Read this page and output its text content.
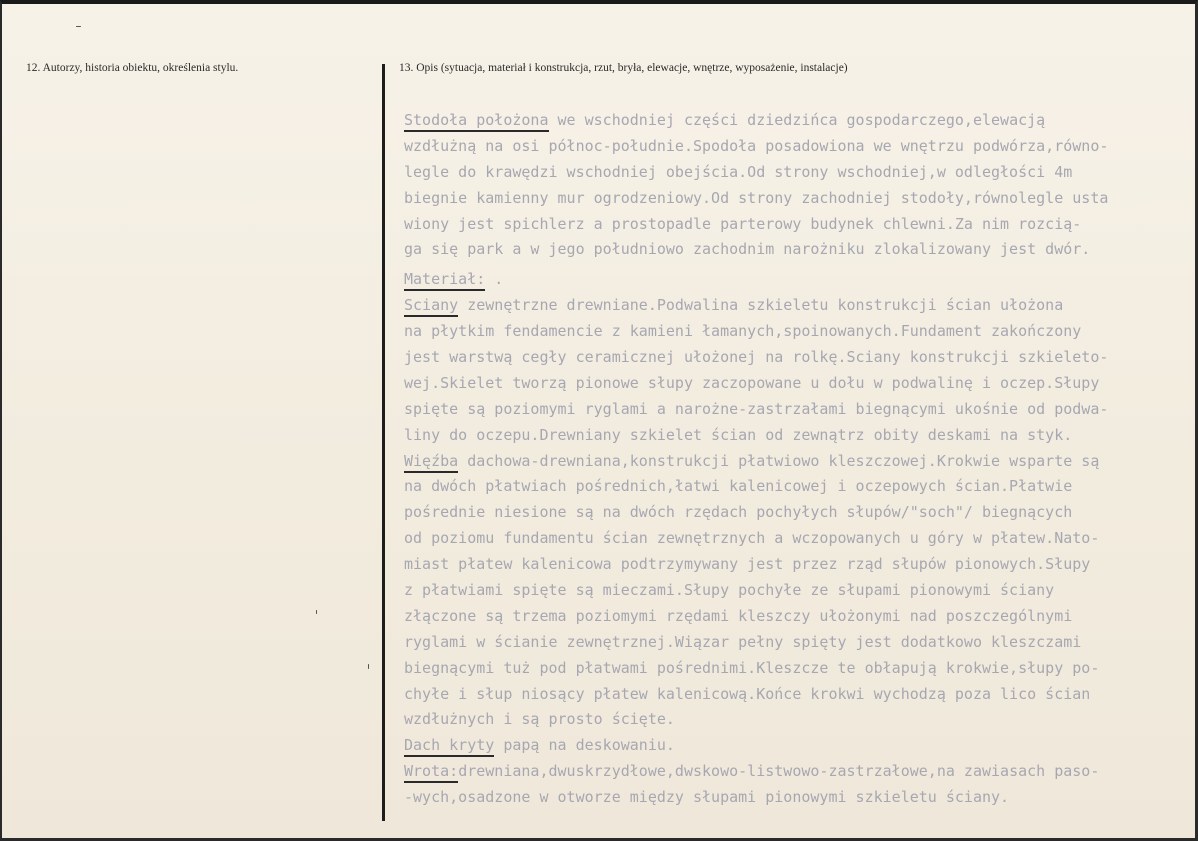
12. Autorzy, historia obiektu, określenia stylu.	13. Opis (sytuacja, materiał i konstrukcja, rzut, bryła, elewacje, wnętrze, wyposażenie, instalacje)
Stodoła położona we wschodniej części dziedzińca gospodarczego,elewacją
wzdłużną na osi północ-południe.Spodoła posadowiona we wnętrzu podwórza,równo-
legle do krawędzi wschodniej obejścia.Od strony wschodniej,w odległości 4m
biegnie kamienny mur ogrodzeniowy.Od strony zachodniej stodoły,równolegle usta
wiony jest spichlerz a prostopadle parterowy budynek chlewni.Za nim rozcią-
ga się park a w jego południowo zachodnim narożniku zlokalizowany jest dwór.
Materiał: .
Sciany zewnętrzne drewniane.Podwalina szkieletu konstrukcji ścian ułożona
na płytkim fendamencie z kamieni łamanych,spoinowanych.Fundament zakończony
jest warstwą cegły ceramicznej ułożonej na rolkę.Sciany konstrukcji szkieleto-
wej.Skielet tworzą pionowe słupy zaczopowane u dołu w podwalinę i oczep.Słupy
spięte są poziomymi ryglami a narożne-zastrzałami biegnącymi ukośnie od podwa-
liny do oczepu.Drewniany szkielet ścian od zewnątrz obity deskami na styk.
Więźba dachowa-drewniana,konstrukcji płatwiowo kleszczowej.Krokwie wsparte są
na dwóch płatwiach pośrednich,łatwi kalenicowej i oczepowych ścian.Płatwie
pośrednie niesione są na dwóch rzędach pochyłych słupów/"soch"/ biegnących
od poziomu fundamentu ścian zewnętrznych a wczopowanych u góry w płatew.Nato-
miast płatew kalenicowa podtrzymywany jest przez rząd słupów pionowych.Słupy
z płatwiami spięte są mieczami.Słupy pochyłe ze słupami pionowymi ściany
złączone są trzema poziomymi rzędami kleszczy ułożonymi nad poszczególnymi
ryglami w ścianie zewnętrznej.Wiązar pełny spięty jest dodatkowo kleszczami
biegnącymi tuż pod płatwami pośrednimi.Kleszcze te obłapują krokwie,słupy po-
chyłe i słup niosący płatew kalenicową.Końce krokwi wychodzą poza lico ścian
wzdłużnych i są prosto ścięte.
Dach kryty papą na deskowaniu.
Wrota:drewniana,dwuskrzydłowe,dwskowo-listwowo-zastrzałowe,na zawiasach paso-
-wych,osadzone w otworze między słupami pionowymi szkieletu ściany.
